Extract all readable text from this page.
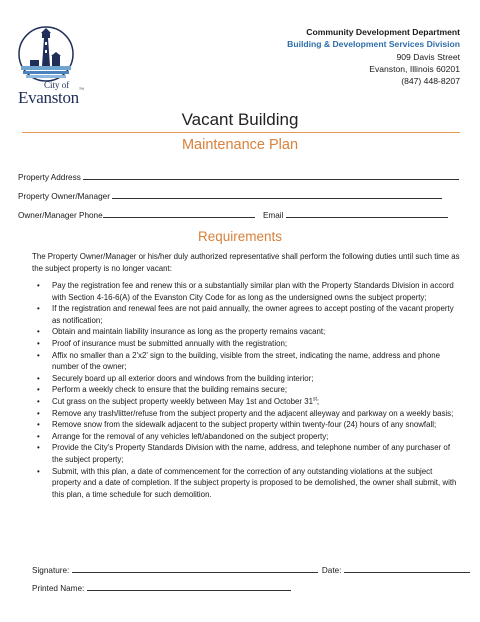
City of
Evanston™
Community Development Department
Building & Development Services Division
909 Davis Street
Evanston, Illinois 60201
(847) 448-8207
Vacant Building
Maintenance Plan
Property Address
Property Owner/Manager
Owner/Manager Phone	Email
Requirements
The Property Owner/Manager or his/her duly authorized representative shall perform the following duties until such time as the subject property is no longer vacant:
• Pay the registration fee and renew this or a substantially similar plan with the Property Standards Division in accord with Section 4-16-6(A) of the Evanston City Code for as long as the undersigned owns the subject property;
• If the registration and renewal fees are not paid annually, the owner agrees to accept posting of the vacant property as notification;
• Obtain and maintain liability insurance as long as the property remains vacant;
• Proof of insurance must be submitted annually with the registration;
• Affix no smaller than a 2'x2' sign to the building, visible from the street, indicating the name, address and phone number of the owner;
• Securely board up all exterior doors and windows from the building interior;
• Perform a weekly check to ensure that the building remains secure;
• Cut grass on the subject property weekly between May 1st and October 31st;
• Remove any trash/litter/refuse from the subject property and the adjacent alleyway and parkway on a weekly basis;
• Remove snow from the sidewalk adjacent to the subject property within twenty-four (24) hours of any snowfall;
• Arrange for the removal of any vehicles left/abandoned on the subject property;
• Provide the City's Property Standards Division with the name, address, and telephone number of any purchaser of the subject property;
• Submit, with this plan, a date of commencement for the correction of any outstanding violations at the subject property and a date of completion. If the subject property is proposed to be demolished, the owner shall submit, with this plan, a time schedule for such demolition.
Signature:	Date:
Printed Name:
